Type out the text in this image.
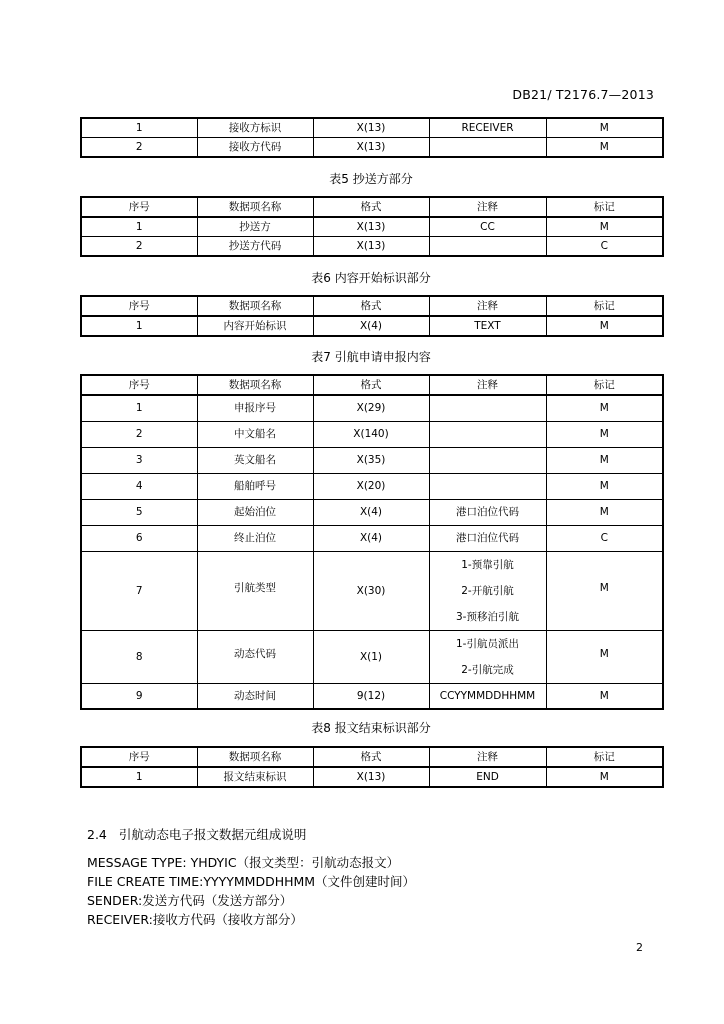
DB21/ T2176.7—2013
1	接收方标识	X(13)	RECEIVER	M
2	接收方代码	X(13)		M
表5 抄送方部分
序号	数据项名称	格式	注释	标记
1	抄送方	X(13)	CC	M
2	抄送方代码	X(13)		C
表6 内容开始标识部分
序号	数据项名称	格式	注释	标记
1	内容开始标识	X(4)	TEXT	M
表7 引航申请申报内容
序号	数据项名称	格式	注释	标记
1	申报序号	X(29)		M
2	中文船名	X(140)		M
3	英文船名	X(35)		M
4	船舶呼号	X(20)		M
5	起始泊位	X(4)	港口泊位代码	M
6	终止泊位	X(4)	港口泊位代码	C
7	引航类型	X(30)	1-预靠引航
2-开航引航
3-预移泊引航	M
8	动态代码	X(1)	1-引航员派出
2-引航完成	M
9	动态时间	9(12)	CCYYMMDDHHMM	M
表8 报文结束标识部分
序号	数据项名称	格式	注释	标记
1	报文结束标识	X(13)	END	M
2.4 引航动态电子报文数据元组成说明
MESSAGE TYPE: YHDYIC（报文类型：引航动态报文）
FILE CREATE TIME:YYYYMMDDHHMM（文件创建时间）
SENDER:发送方代码（发送方部分）
RECEIVER:接收方代码（接收方部分）
2
